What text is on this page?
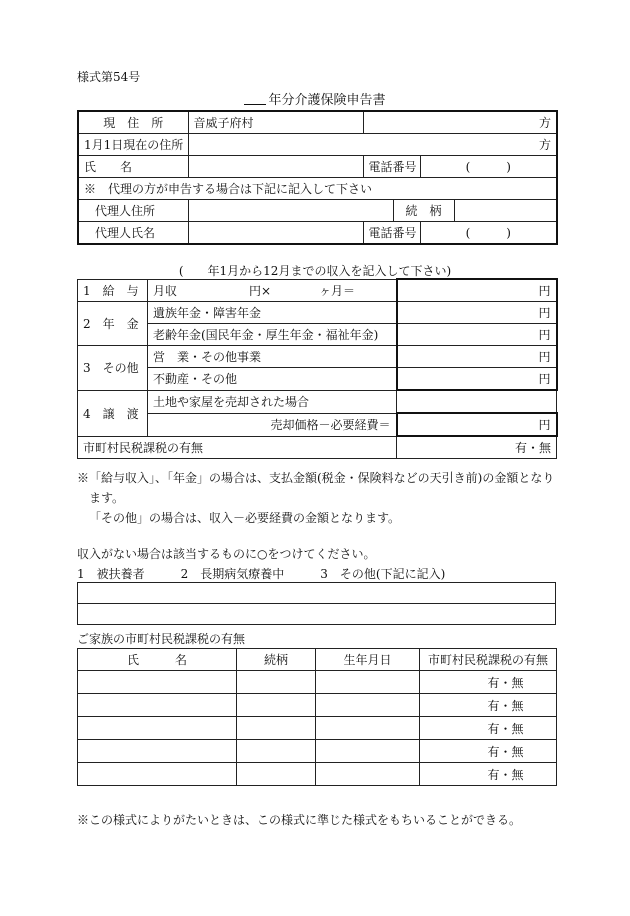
様式第54号
年分介護保険申告書
現　住　所	音威子府村	方			
1月1日現在の住所	方				
氏　　名		電話番号		(　　　)	
※　代理の方が申告する場合は下記に記入して下さい					
代理人住所			続　柄		
代理人氏名		電話番号		(　　　)	
(　　年1月から12月までの収入を記入して下さい)
1　給　与	月収　　　　　　円×　　　　ヶ月＝	円
2　年　金	遺族年金・障害年金	円
	老齢年金(国民年金・厚生年金・福祉年金)	円
3　その他	営　業・その他事業	円
	不動産・その他	円
4　譲　渡	土地や家屋を売却された場合	
	売却価格－必要経費＝	円
市町村民税課税の有無		有・無
※「給与収入」、「年金」の場合は、支払金額(税金・保険料などの天引き前)の金額となり
ます。
「その他」の場合は、収入－必要経費の金額となります。
収入がない場合は該当するものに○をつけてください。
1　被扶養者　　　2　長期病気療養中　　　3　その他(下記に記入)

ご家族の市町村民税課税の有無
氏　　　名	続柄	生年月日	市町村民税課税の有無
			有・無
			有・無
			有・無
			有・無
			有・無
※この様式によりがたいときは、この様式に準じた様式をもちいることができる。
